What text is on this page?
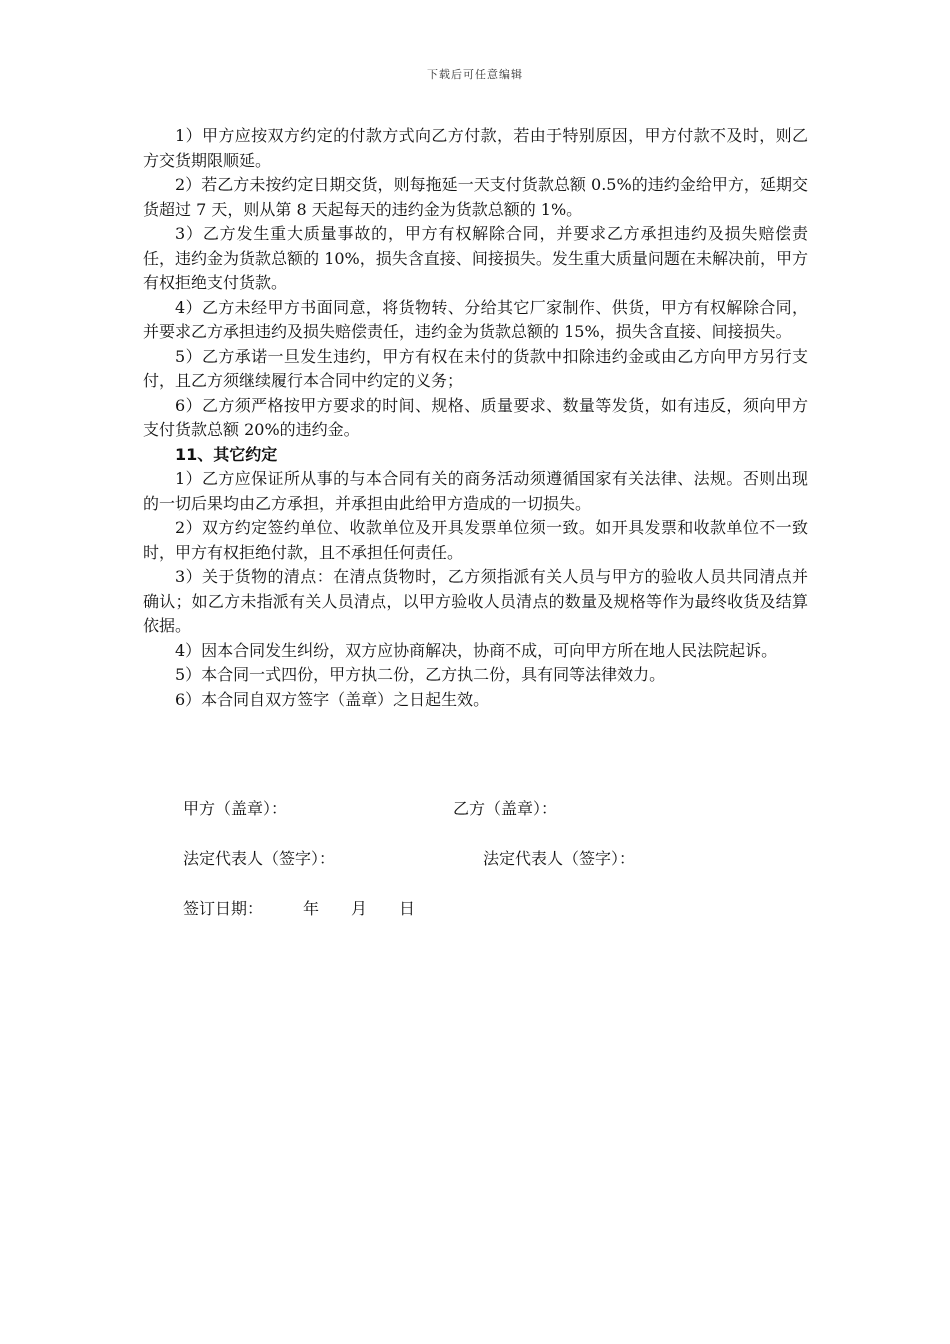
下载后可任意编辑

1）甲方应按双方约定的付款方式向乙方付款，若由于特别原因，甲方付款不及时，则乙方交货期限顺延。

2）若乙方未按约定日期交货，则每拖延一天支付货款总额 0.5%的违约金给甲方，延期交货超过 7 天，则从第 8 天起每天的违约金为货款总额的 1%。

3）乙方发生重大质量事故的，甲方有权解除合同，并要求乙方承担违约及损失赔偿责任，违约金为货款总额的 10%，损失含直接、间接损失。发生重大质量问题在未解决前，甲方有权拒绝支付货款。

4）乙方未经甲方书面同意，将货物转、分给其它厂家制作、供货，甲方有权解除合同，并要求乙方承担违约及损失赔偿责任，违约金为货款总额的 15%，损失含直接、间接损失。

5）乙方承诺一旦发生违约，甲方有权在未付的货款中扣除违约金或由乙方向甲方另行支付，且乙方须继续履行本合同中约定的义务；

6）乙方须严格按甲方要求的时间、规格、质量要求、数量等发货，如有违反，须向甲方支付货款总额 20%的违约金。

11、其它约定

1）乙方应保证所从事的与本合同有关的商务活动须遵循国家有关法律、法规。否则出现的一切后果均由乙方承担，并承担由此给甲方造成的一切损失。

2）双方约定签约单位、收款单位及开具发票单位须一致。如开具发票和收款单位不一致时，甲方有权拒绝付款，且不承担任何责任。

3）关于货物的清点：在清点货物时，乙方须指派有关人员与甲方的验收人员共同清点并确认；如乙方未指派有关人员清点，以甲方验收人员清点的数量及规格等作为最终收货及结算依据。

4）因本合同发生纠纷，双方应协商解决，协商不成，可向甲方所在地人民法院起诉。

5）本合同一式四份，甲方执二份，乙方执二份，具有同等法律效力。

6）本合同自双方签字（盖章）之日起生效。

甲方（盖章）：	乙方（盖章）：
法定代表人（签字）：	法定代表人（签字）：
签订日期：　　　年　　月　　日
